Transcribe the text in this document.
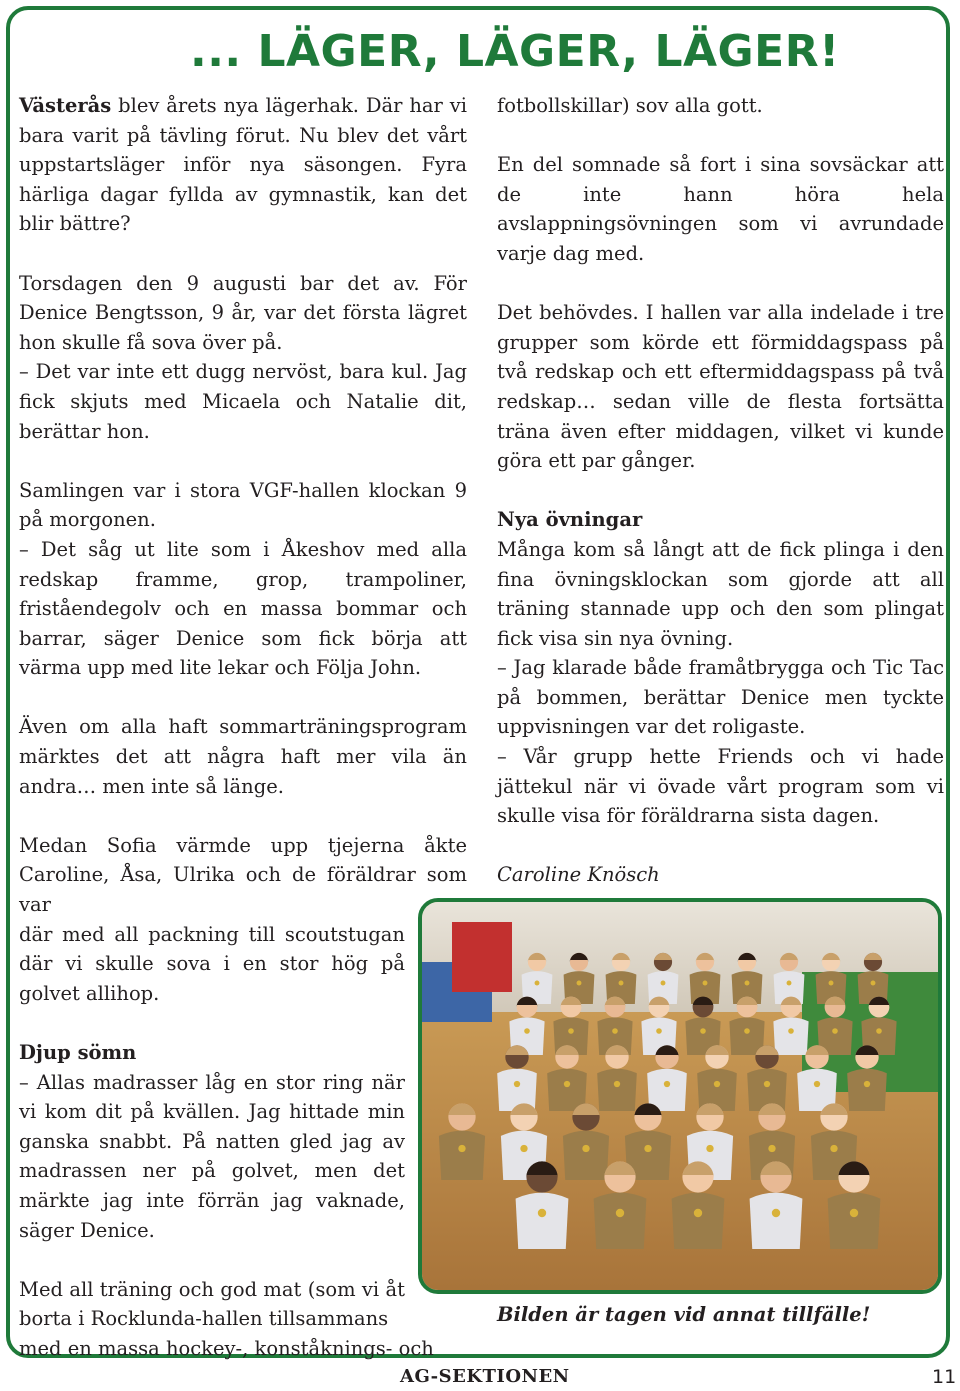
... LÄGER, LÄGER, LÄGER!

Västerås blev årets nya lägerhak. Där har vi bara varit på tävling förut. Nu blev det vårt uppstartsläger inför nya säsongen. Fyra härliga dagar fyllda av gymnastik, kan det blir bättre?

Torsdagen den 9 augusti bar det av. För Denice Bengtsson, 9 år, var det första lägret hon skulle få sova över på.

– Det var inte ett dugg nervöst, bara kul. Jag fick skjuts med Micaela och Natalie dit, berättar hon.

Samlingen var i stora VGF-hallen klockan 9 på morgonen.

– Det såg ut lite som i Åkeshov med alla redskap framme, grop, trampoliner, friståendegolv och en massa bommar och barrar, säger Denice som fick börja att värma upp med lite lekar och Följa John.

Även om alla haft sommarträningsprogram märktes det att några haft mer vila än andra… men inte så länge.

Medan Sofia värmde upp tjejerna åkte Caroline, Åsa, Ulrika och de föräldrar som var

där med all packning till scoutstugan där vi skulle sova i en stor hög på golvet allihop.

Djup sömn

– Allas madrasser låg en stor ring när vi kom dit på kvällen. Jag hittade min ganska snabbt. På natten gled jag av madrassen ner på golvet, men det märkte jag inte förrän jag vaknade, säger Denice.

Med all träning och god mat (som vi åt borta i Rocklunda-hallen tillsammans

med en massa hockey-, konståknings- och

fotbollskillar) sov alla gott.

En del somnade så fort i sina sovsäckar att de inte hann höra hela avslappningsövningen som vi avrundade varje dag med.

Det behövdes. I hallen var alla indelade i tre grupper som körde ett förmiddagspass på två redskap och ett eftermiddagspass på två redskap… sedan ville de flesta fortsätta träna även efter middagen, vilket vi kunde göra ett par gånger.

Nya övningar

Många kom så långt att de fick plinga i den fina övningsklockan som gjorde att all träning stannade upp och den som plingat fick visa sin nya övning.

– Jag klarade både framåtbrygga och Tic Tac på bommen, berättar Denice men tyckte uppvisningen var det roligaste.

– Vår grupp hette Friends och vi hade jättekul när vi övade vårt program som vi skulle visa för föräldrarna sista dagen.

Caroline Knösch

Bilden är tagen vid annat tillfälle!
AG-SEKTIONEN	11
